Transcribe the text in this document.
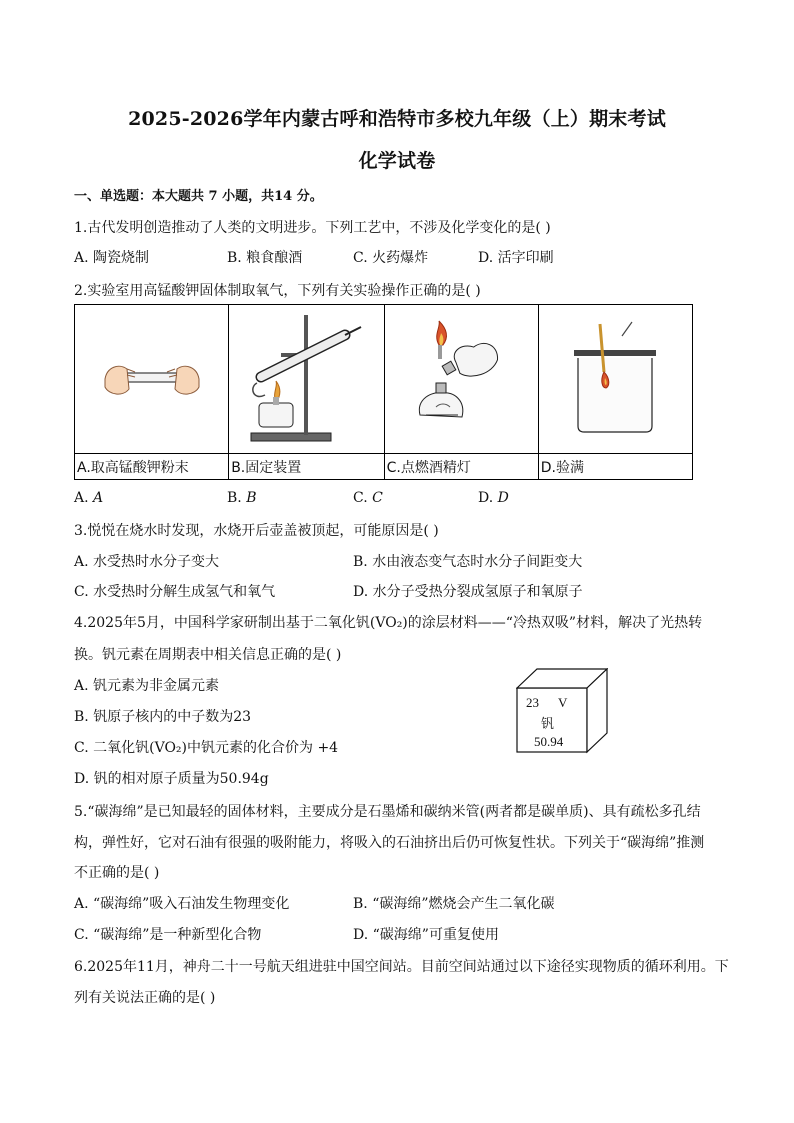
2025-2026学年内蒙古呼和浩特市多校九年级（上）期末考试
化学试卷
一、单选题：本大题共 7 小题，共14 分。
1.古代发明创造推动了人类的文明进步。下列工艺中，不涉及化学变化的是( )
A. 陶瓷烧制	B. 粮食酿酒	C. 火药爆炸	D. 活字印刷
2.实验室用高锰酸钾固体制取氧气，下列有关实验操作正确的是( )

A.取高锰酸钾粉末	B.固定装置	C.点燃酒精灯	D.验满
A. A	B. B	C. C	D. D
3.悦悦在烧水时发现，水烧开后壶盖被顶起，可能原因是( )
A. 水受热时水分子变大	B. 水由液态变气态时水分子间距变大
C. 水受热时分解生成氢气和氧气	D. 水分子受热分裂成氢原子和氧原子
4.2025年5月，中国科学家研制出基于二氧化钒(VO₂)的涂层材料——“冷热双吸”材料，解决了光热转
换。钒元素在周期表中相关信息正确的是( )
A. 钒元素为非金属元素
B. 钒原子核内的中子数为23
C. 二氧化钒(VO₂)中钒元素的化合价为 +4
D. 钒的相对原子质量为50.94g
23 V
钒
50.94
5.“碳海绵”是已知最轻的固体材料，主要成分是石墨烯和碳纳米管(两者都是碳单质)、具有疏松多孔结
构，弹性好，它对石油有很强的吸附能力，将吸入的石油挤出后仍可恢复性状。下列关于“碳海绵”推测
不正确的是( )
A. “碳海绵”吸入石油发生物理变化	B. “碳海绵”燃烧会产生二氧化碳
C. “碳海绵”是一种新型化合物	D. “碳海绵”可重复使用
6.2025年11月，神舟二十一号航天组进驻中国空间站。目前空间站通过以下途径实现物质的循环利用。下
列有关说法正确的是( )
